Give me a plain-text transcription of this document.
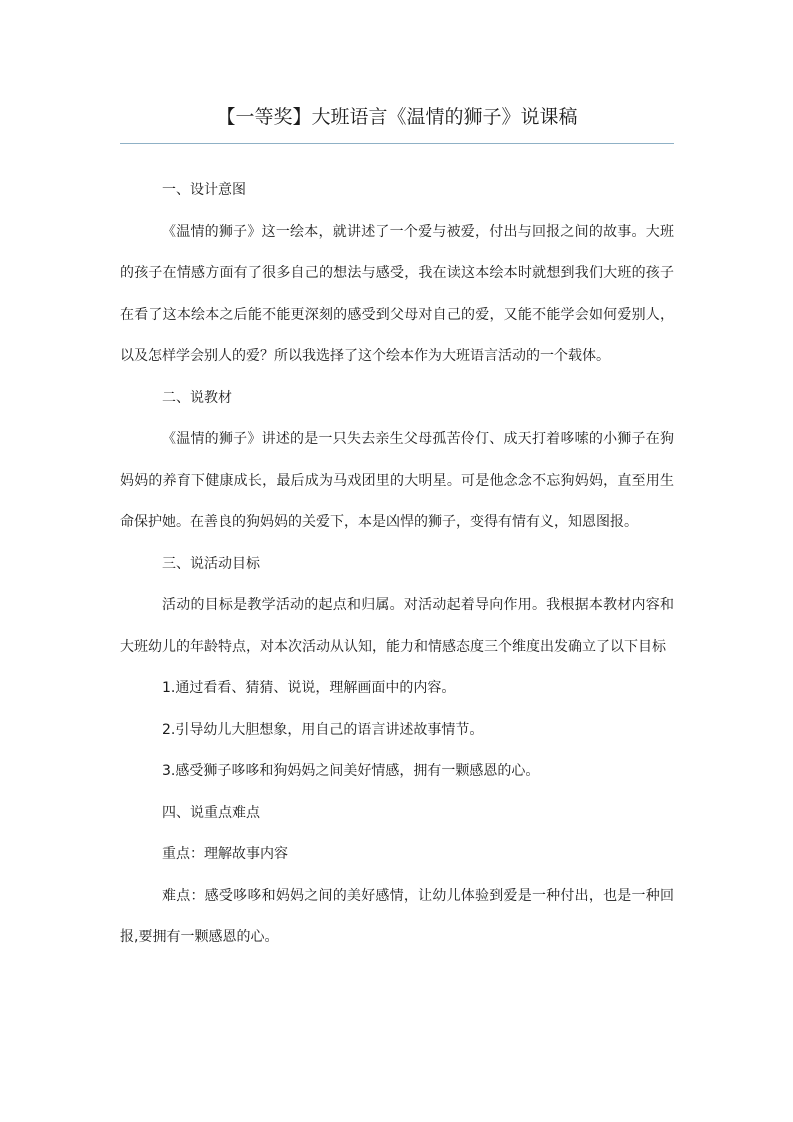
【一等奖】大班语言《温情的狮子》说课稿

一、设计意图

《温情的狮子》这一绘本，就讲述了一个爱与被爱，付出与回报之间的故事。大班的孩子在情感方面有了很多自己的想法与感受，我在读这本绘本时就想到我们大班的孩子在看了这本绘本之后能不能更深刻的感受到父母对自己的爱，又能不能学会如何爱别人，以及怎样学会别人的爱？所以我选择了这个绘本作为大班语言活动的一个载体。

二、说教材

《温情的狮子》讲述的是一只失去亲生父母孤苦伶仃、成天打着哆嗦的小狮子在狗妈妈的养育下健康成长，最后成为马戏团里的大明星。可是他念念不忘狗妈妈，直至用生命保护她。在善良的狗妈妈的关爱下，本是凶悍的狮子，变得有情有义，知恩图报。

三、说活动目标

活动的目标是教学活动的起点和归属。对活动起着导向作用。我根据本教材内容和大班幼儿的年龄特点，对本次活动从认知，能力和情感态度三个维度出发确立了以下目标

1.通过看看、猜猜、说说，理解画面中的内容。

2.引导幼儿大胆想象，用自己的语言讲述故事情节。

3.感受狮子哆哆和狗妈妈之间美好情感，拥有一颗感恩的心。

四、说重点难点

重点：理解故事内容

难点：感受哆哆和妈妈之间的美好感情，让幼儿体验到爱是一种付出，也是一种回报,要拥有一颗感恩的心。
